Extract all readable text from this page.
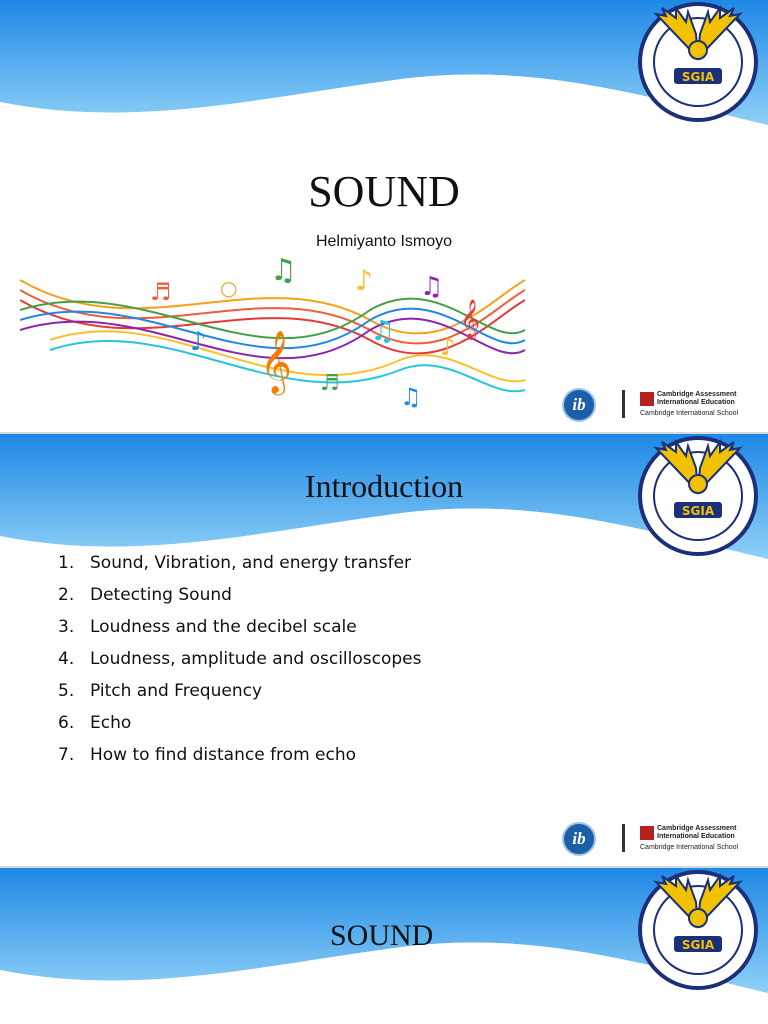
SGIA
SOUND
Helmiyanto Ismoyo
𝄞
𝄞
♫ ♪ ♫
♪	♫
♬
♬	♫
♪
○
ib
Cambridge Assessment
International Education
Cambridge International School
SGIA
Introduction
1. Sound, Vibration, and energy transfer
2. Detecting Sound
3. Loudness and the decibel scale
4. Loudness, amplitude and oscilloscopes
5. Pitch and Frequency
6. Echo
7. How to find distance from echo
ib
Cambridge Assessment
International Education
Cambridge International School
SGIA
SOUND
